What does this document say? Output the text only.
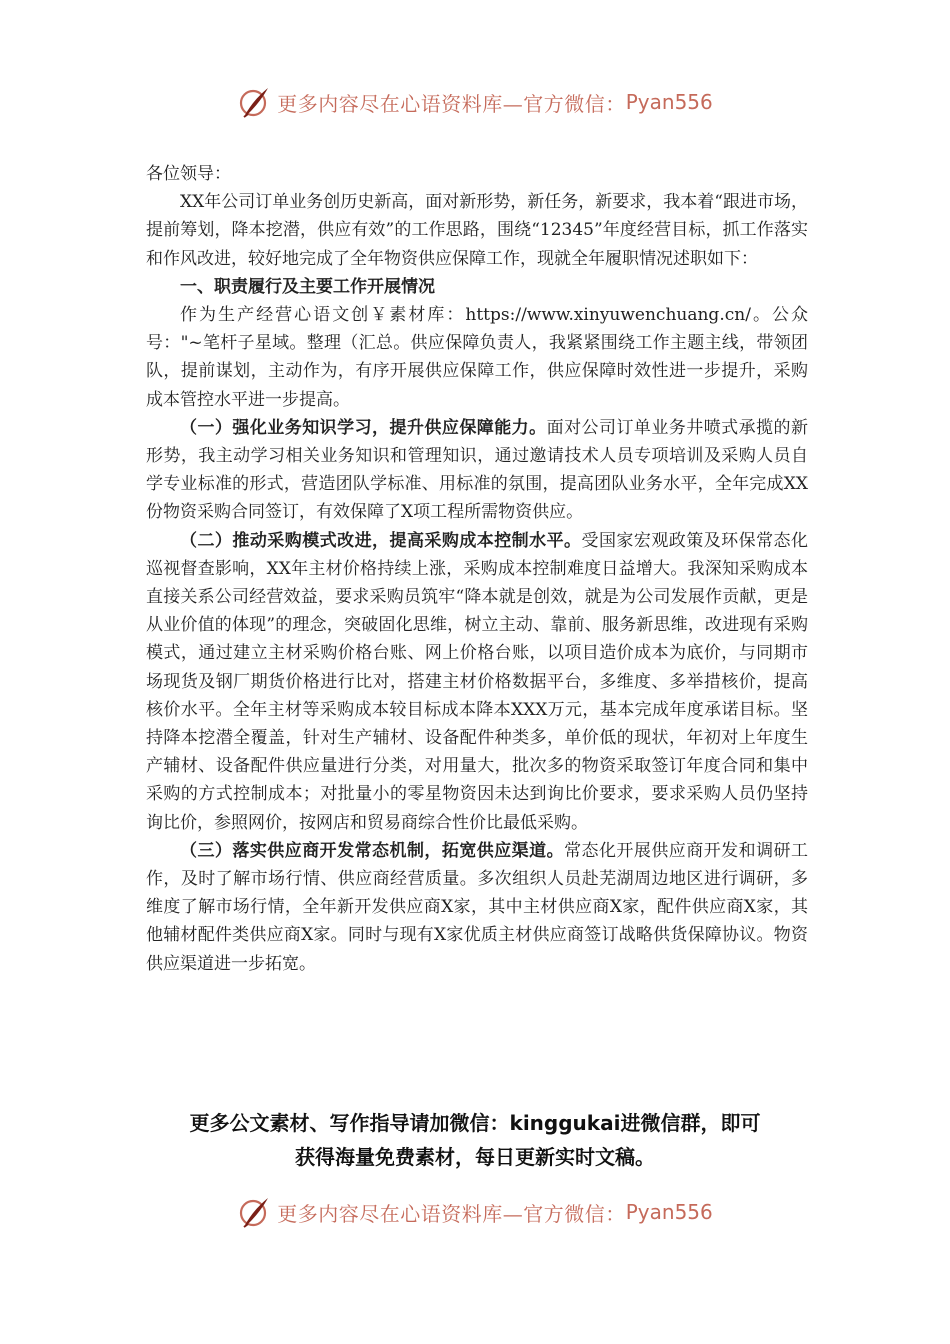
更多内容尽在心语资料库—官方微信： Pyan556

各位领导：

XX年公司订单业务创历史新高，面对新形势，新任务，新要求，我本着“跟进市场，提前筹划，降本挖潜，供应有效”的工作思路，围绕“12345”年度经营目标，抓工作落实和作风改进，较好地完成了全年物资供应保障工作，现就全年履职情况述职如下：

一、职责履行及主要工作开展情况

作为生产经营心语文创￥素材库：https://www.xinyuwenchuang.cn/。公众号："~笔杆子星域。整理（汇总。供应保障负责人，我紧紧围绕工作主题主线，带领团队，提前谋划，主动作为，有序开展供应保障工作，供应保障时效性进一步提升，采购成本管控水平进一步提高。

（一）强化业务知识学习，提升供应保障能力。面对公司订单业务井喷式承揽的新形势，我主动学习相关业务知识和管理知识，通过邀请技术人员专项培训及采购人员自学专业标准的形式，营造团队学标准、用标准的氛围，提高团队业务水平，全年完成XX份物资采购合同签订，有效保障了X项工程所需物资供应。

（二）推动采购模式改进，提高采购成本控制水平。受国家宏观政策及环保常态化巡视督查影响，XX年主材价格持续上涨，采购成本控制难度日益增大。我深知采购成本直接关系公司经营效益，要求采购员筑牢“降本就是创效，就是为公司发展作贡献，更是从业价值的体现”的理念，突破固化思维，树立主动、靠前、服务新思维，改进现有采购模式，通过建立主材采购价格台账、网上价格台账，以项目造价成本为底价，与同期市场现货及钢厂期货价格进行比对，搭建主材价格数据平台，多维度、多举措核价，提高核价水平。全年主材等采购成本较目标成本降本XXX万元，基本完成年度承诺目标。坚持降本挖潜全覆盖，针对生产辅材、设备配件种类多，单价低的现状，年初对上年度生产辅材、设备配件供应量进行分类，对用量大，批次多的物资采取签订年度合同和集中采购的方式控制成本；对批量小的零星物资因未达到询比价要求，要求采购人员仍坚持询比价，参照网价，按网店和贸易商综合性价比最低采购。

（三）落实供应商开发常态机制，拓宽供应渠道。常态化开展供应商开发和调研工作，及时了解市场行情、供应商经营质量。多次组织人员赴芜湖周边地区进行调研，多维度了解市场行情，全年新开发供应商X家，其中主材供应商X家，配件供应商X家，其他辅材配件类供应商X家。同时与现有X家优质主材供应商签订战略供货保障协议。物资供应渠道进一步拓宽。

更多公文素材、写作指导请加微信：kinggukai进微信群，即可
获得海量免费素材，每日更新实时文稿。
更多内容尽在心语资料库—官方微信： Pyan556
